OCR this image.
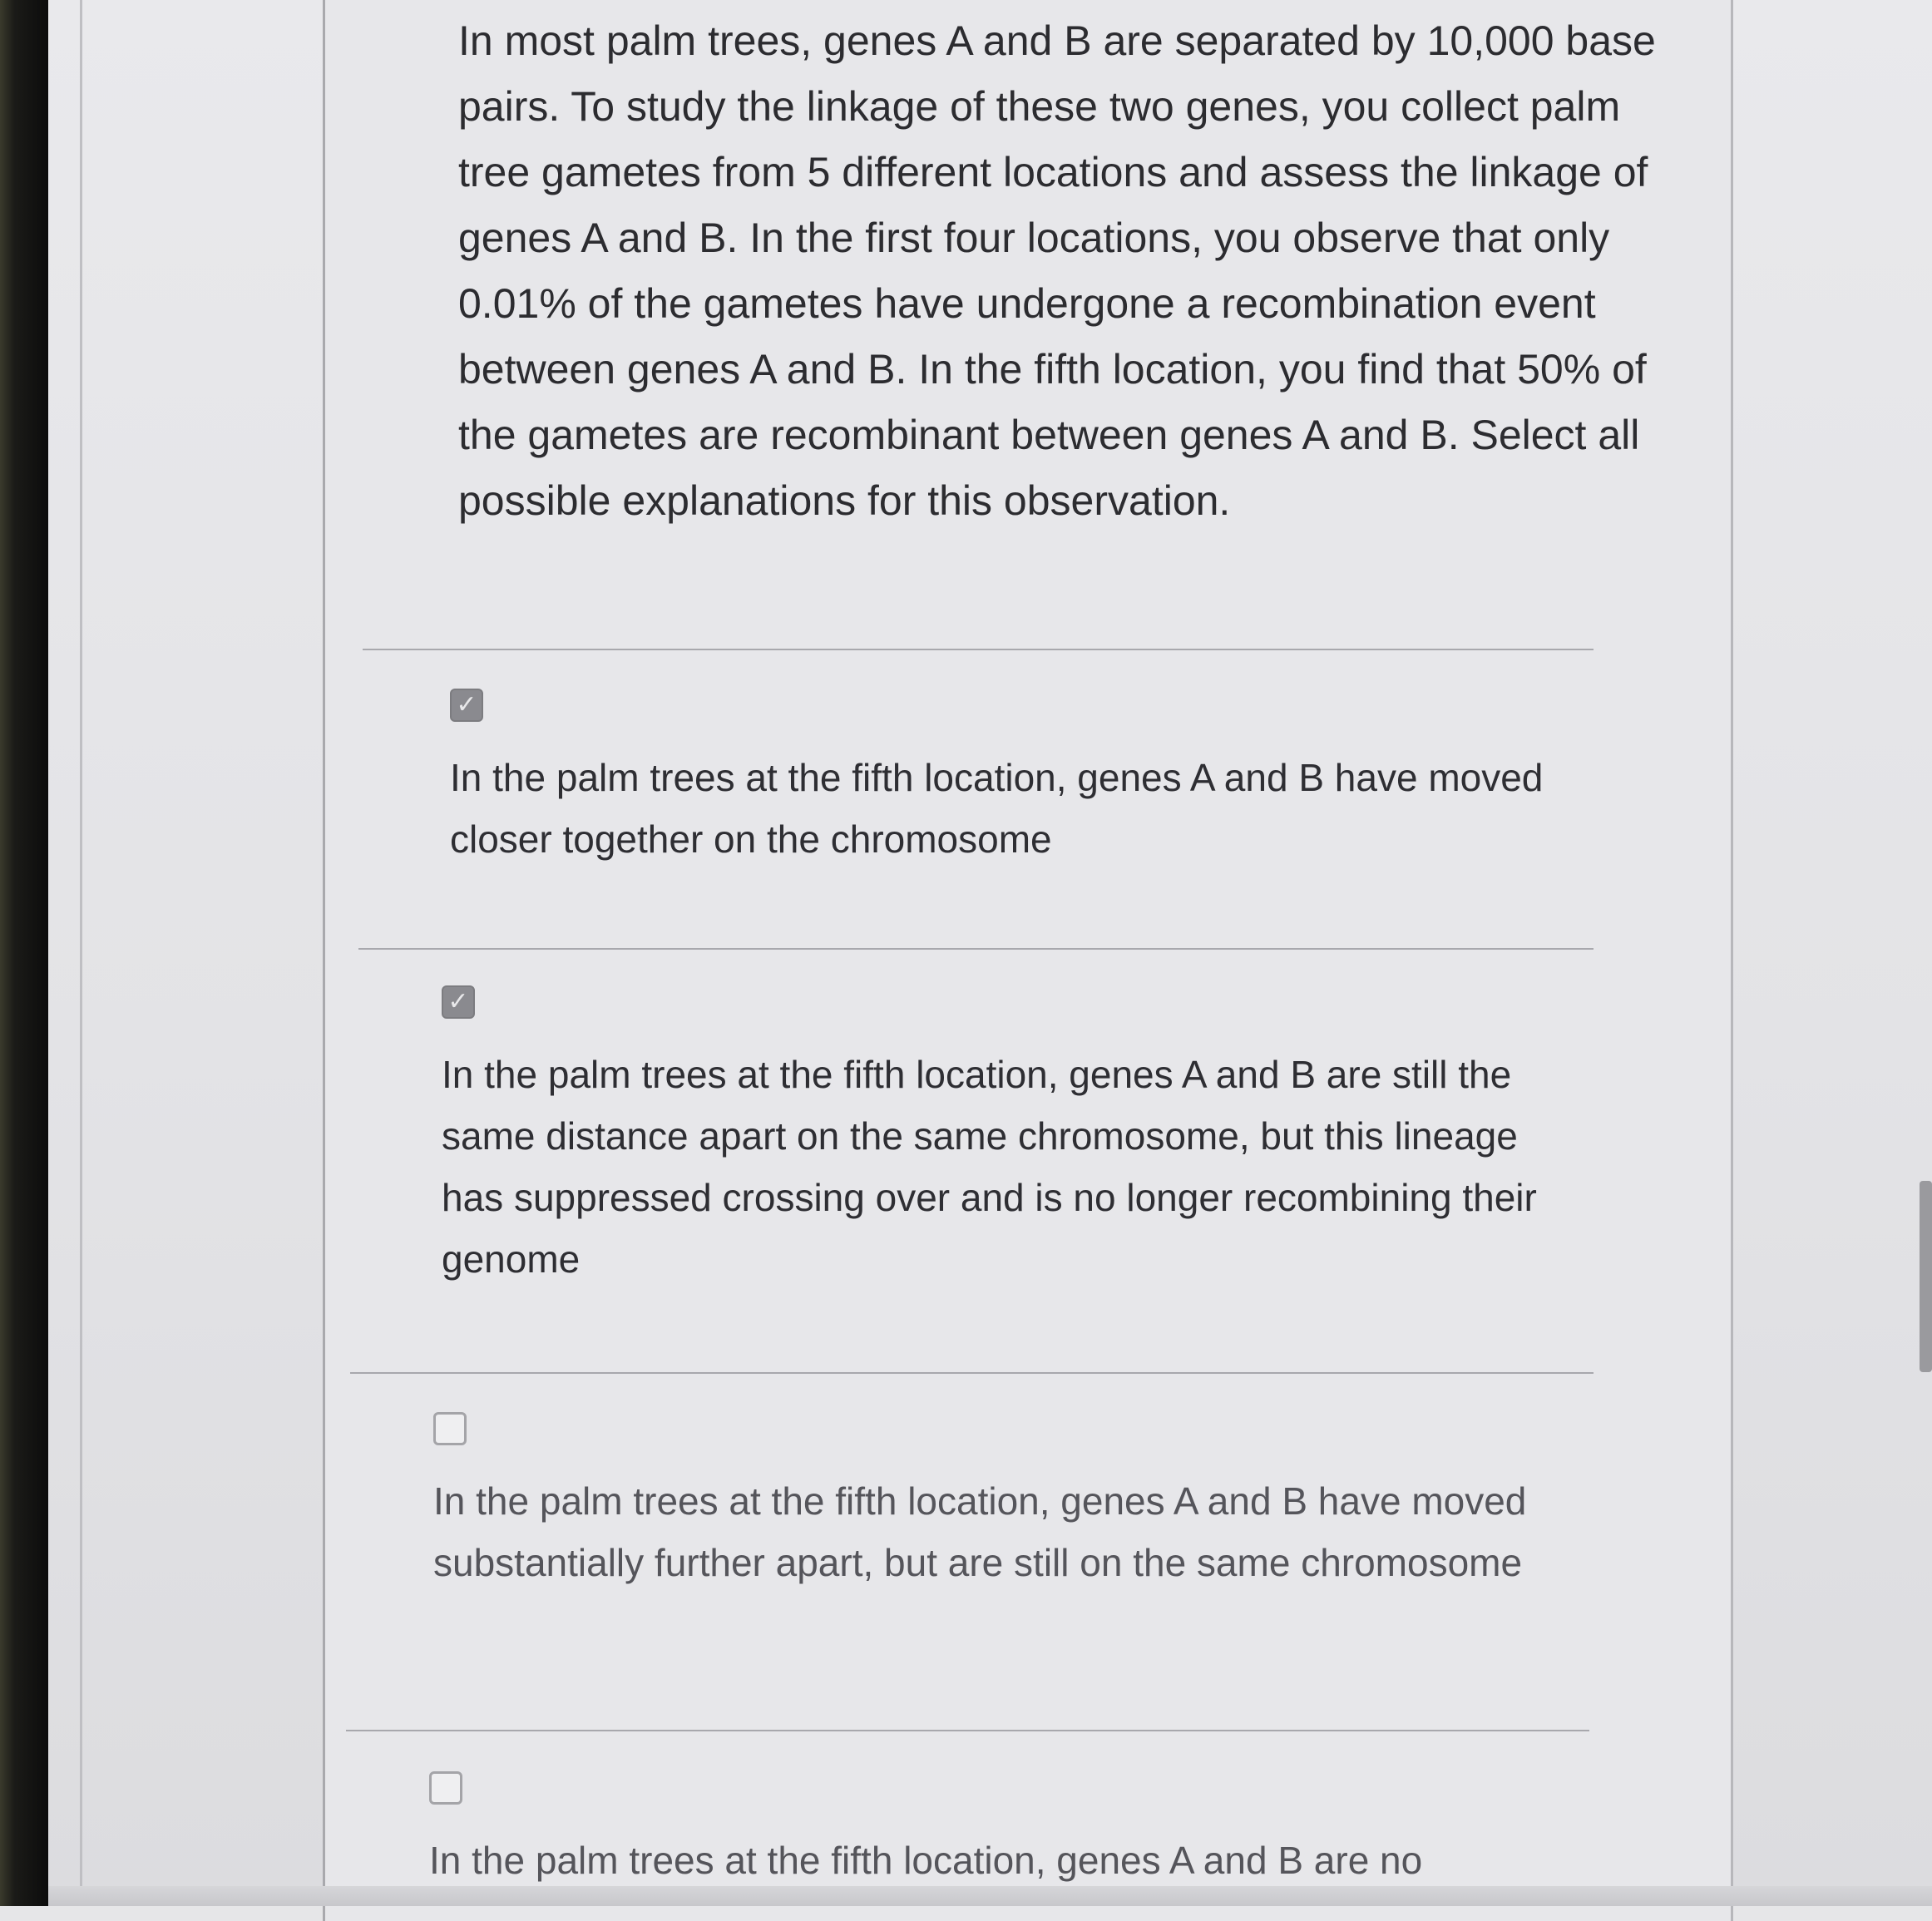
In most palm trees, genes A and B are separated by 10,000 base pairs. To study the linkage of these two genes, you collect palm tree gametes from 5 different locations and assess the linkage of genes A and B. In the first four locations, you observe that only 0.01% of the gametes have undergone a recombination event between genes A and B. In the fifth location, you find that 50% of the gametes are recombinant between genes A and B. Select all possible explanations for this observation.

✓

In the palm trees at the fifth location, genes A and B have moved closer together on the chromosome

✓

In the palm trees at the fifth location, genes A and B are still the same distance apart on the same chromosome, but this lineage has suppressed crossing over and is no longer recombining their genome

In the palm trees at the fifth location, genes A and B have moved substantially further apart, but are still on the same chromosome

In the palm trees at the fifth location, genes A and B are no
